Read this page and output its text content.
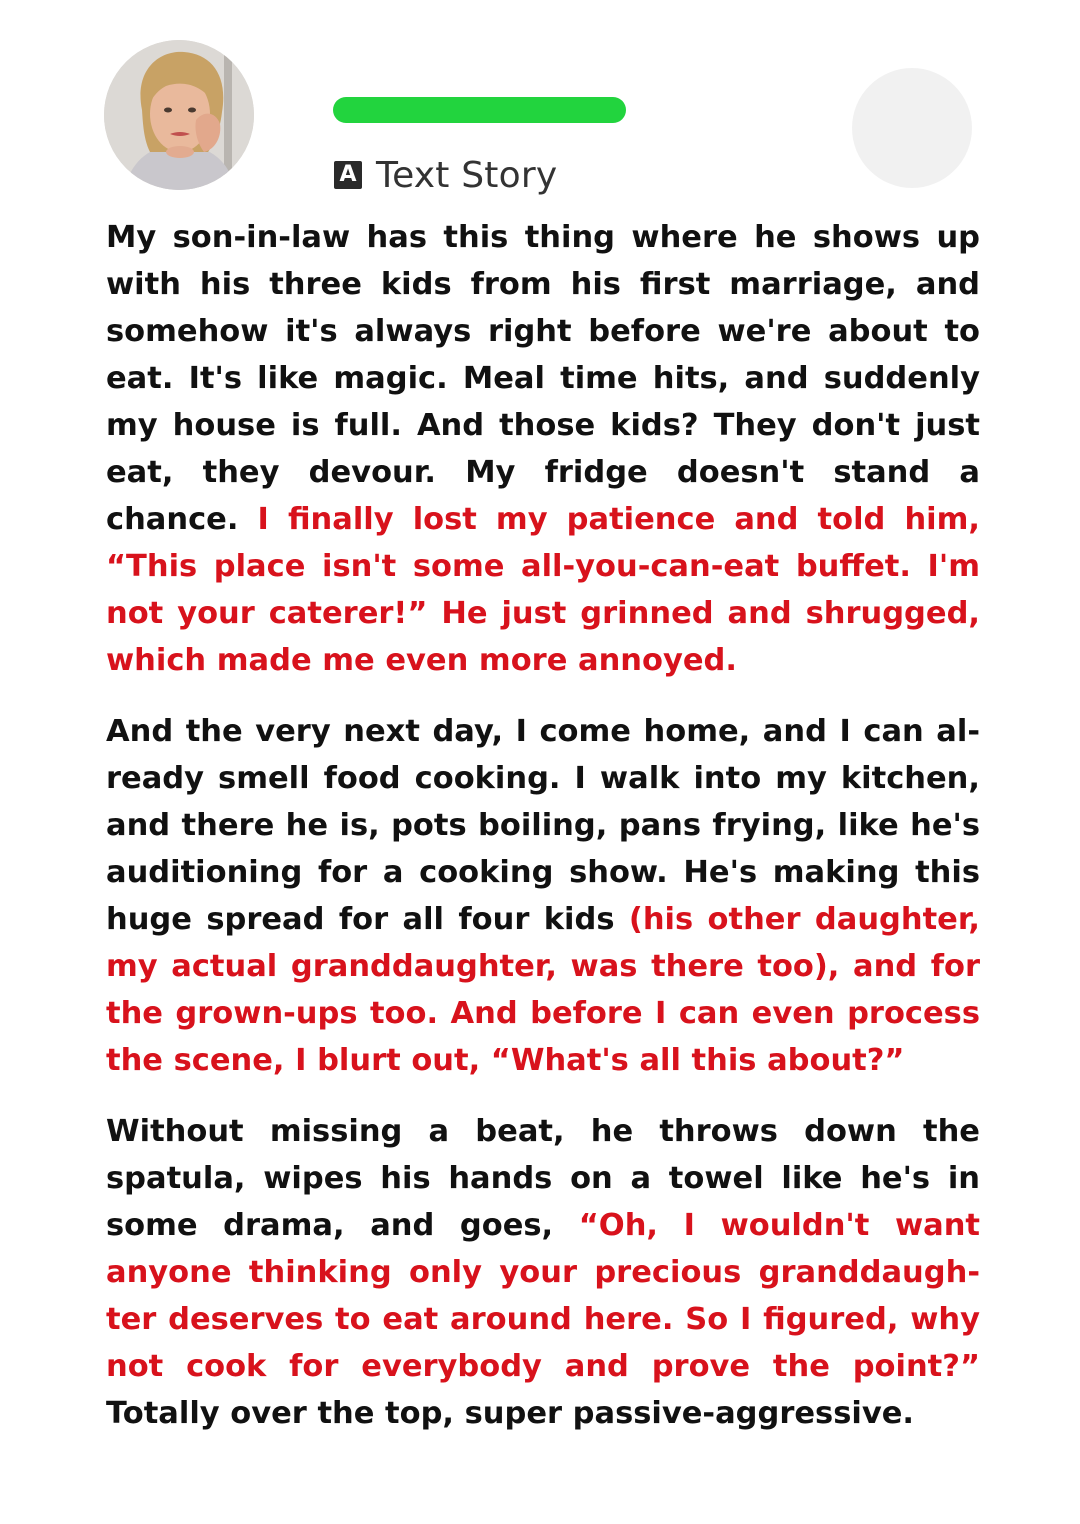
A Text Story

My son-in-law has this thing where he shows up with his three kids from his first marriage, and somehow it's always right before we're about to eat. It's like magic. Meal time hits, and suddenly my house is full. And those kids? They don't just eat, they devour. My fridge doesn't stand a chance. I finally lost my patience and told him, “This place isn't some all-you-can-eat buffet. I'm not your caterer!” He just grinned and shrugged, which made me even more annoyed.

And the very next day, I come home, and I can already smell food cooking. I walk into my kitchen, and there he is, pots boiling, pans frying, like he's auditioning for a cooking show. He's making this huge spread for all four kids (his other daughter, my actual granddaughter, was there too), and for the grown-ups too. And before I can even process the scene, I blurt out, “What's all this about?”

Without missing a beat, he throws down the spatula, wipes his hands on a towel like he's in some drama, and goes, “Oh, I wouldn't want anyone thinking only your precious granddaughter deserves to eat around here. So I figured, why not cook for everybody and prove the point?” Totally over the top, super passive-aggressive.
